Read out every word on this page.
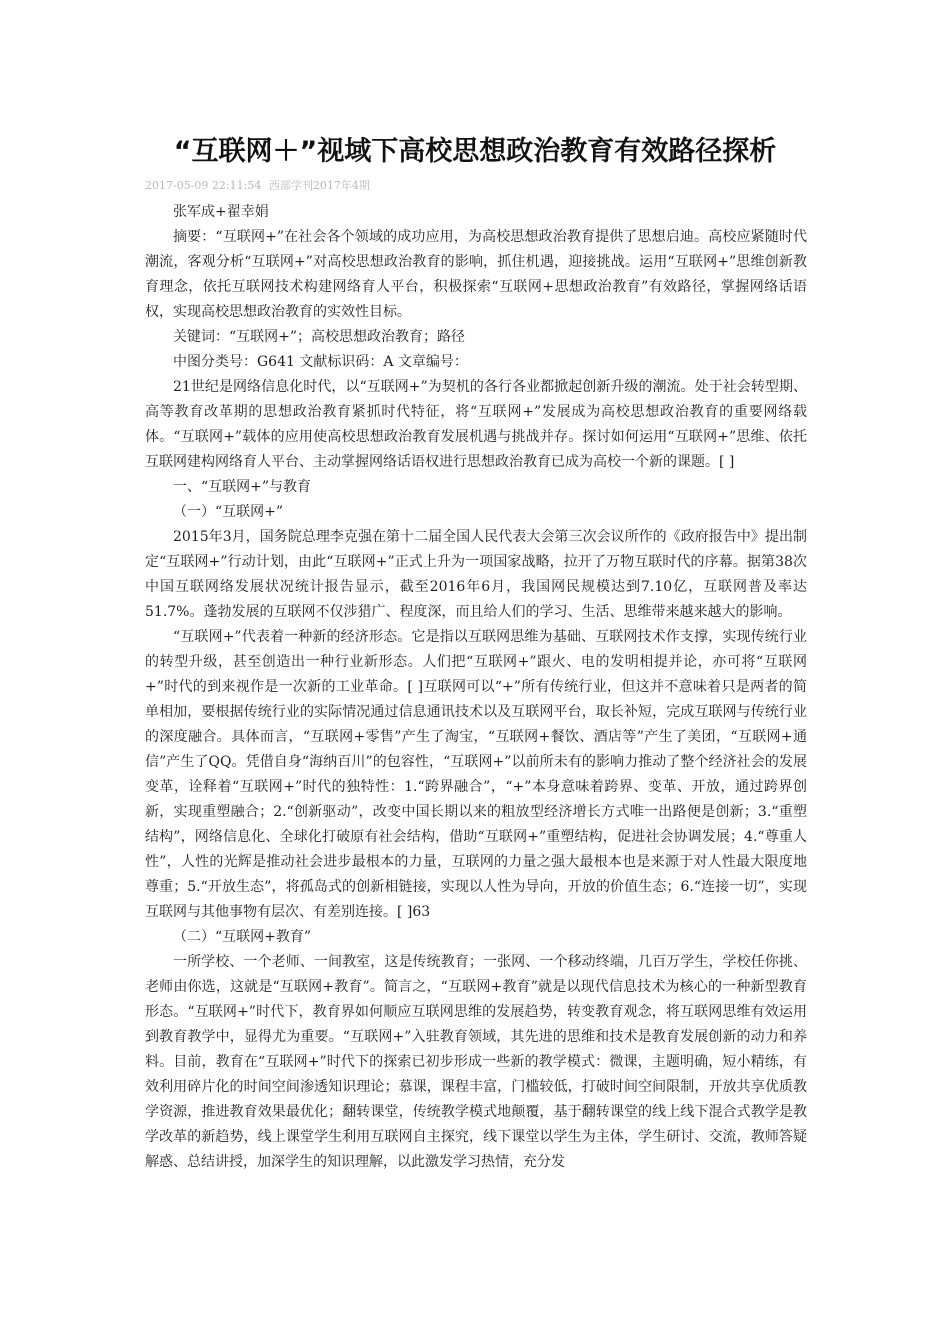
“互联网＋”视域下高校思想政治教育有效路径探析
2017-05-09 22:11:54 西部学刊2017年4期

张军成+翟幸娟

摘要：“互联网+”在社会各个领域的成功应用，为高校思想政治教育提供了思想启迪。高校应紧随时代潮流，客观分析“互联网+”对高校思想政治教育的影响，抓住机遇，迎接挑战。运用“互联网+”思维创新教育理念，依托互联网技术构建网络育人平台，积极探索“互联网+思想政治教育”有效路径，掌握网络话语权，实现高校思想政治教育的实效性目标。

关键词：“互联网+”；高校思想政治教育；路径

中图分类号：G641 文献标识码：A 文章编号：

21世纪是网络信息化时代，以“互联网+”为契机的各行各业都掀起创新升级的潮流。处于社会转型期、高等教育改革期的思想政治教育紧抓时代特征，将“互联网+”发展成为高校思想政治教育的重要网络载体。“互联网+”载体的应用使高校思想政治教育发展机遇与挑战并存。探讨如何运用“互联网+”思维、依托互联网建构网络育人平台、主动掌握网络话语权进行思想政治教育已成为高校一个新的课题。[ ]

一、“互联网+”与教育

（一）“互联网+”

2015年3月，国务院总理李克强在第十二届全国人民代表大会第三次会议所作的《政府报告中》提出制定“互联网+”行动计划，由此“互联网+”正式上升为一项国家战略，拉开了万物互联时代的序幕。据第38次中国互联网络发展状况统计报告显示，截至2016年6月，我国网民规模达到7.10亿，互联网普及率达51.7%。蓬勃发展的互联网不仅涉猎广、程度深，而且给人们的学习、生活、思维带来越来越大的影响。

“互联网+”代表着一种新的经济形态。它是指以互联网思维为基础、互联网技术作支撑，实现传统行业的转型升级，甚至创造出一种行业新形态。人们把“互联网+”跟火、电的发明相提并论，亦可将“互联网+”时代的到来视作是一次新的工业革命。[ ]互联网可以“+”所有传统行业，但这并不意味着只是两者的简单相加，要根据传统行业的实际情况通过信息通讯技术以及互联网平台，取长补短，完成互联网与传统行业的深度融合。具体而言，“互联网+零售”产生了淘宝，“互联网+餐饮、酒店等”产生了美团，“互联网+通信”产生了QQ。凭借自身“海纳百川”的包容性，“互联网+”以前所未有的影响力推动了整个经济社会的发展变革，诠释着“互联网+”时代的独特性：1.“跨界融合”，“+”本身意味着跨界、变革、开放，通过跨界创新，实现重塑融合；2.“创新驱动”，改变中国长期以来的粗放型经济增长方式唯一出路便是创新；3.“重塑结构”，网络信息化、全球化打破原有社会结构，借助“互联网+”重塑结构，促进社会协调发展；4.“尊重人性”，人性的光辉是推动社会进步最根本的力量，互联网的力量之强大最根本也是来源于对人性最大限度地尊重；5.“开放生态”，将孤岛式的创新相链接，实现以人性为导向，开放的价值生态；6.“连接一切”，实现互联网与其他事物有层次、有差别连接。[ ]63

（二）“互联网+教育”

一所学校、一个老师、一间教室，这是传统教育；一张网、一个移动终端，几百万学生，学校任你挑、老师由你选，这就是“互联网+教育”。简言之，“互联网+教育”就是以现代信息技术为核心的一种新型教育形态。“互联网+”时代下，教育界如何顺应互联网思维的发展趋势，转变教育观念，将互联网思维有效运用到教育教学中，显得尤为重要。“互联网+”入驻教育领域，其先进的思维和技术是教育发展创新的动力和养料。目前，教育在“互联网+”时代下的探索已初步形成一些新的教学模式：微课，主题明确，短小精练，有效利用碎片化的时间空间渗透知识理论；慕课，课程丰富，门槛较低，打破时间空间限制，开放共享优质教学资源，推进教育效果最优化；翻转课堂，传统教学模式地颠覆，基于翻转课堂的线上线下混合式教学是教学改革的新趋势，线上课堂学生利用互联网自主探究，线下课堂以学生为主体，学生研讨、交流，教师答疑解惑、总结讲授，加深学生的知识理解，以此激发学习热情，充分发
